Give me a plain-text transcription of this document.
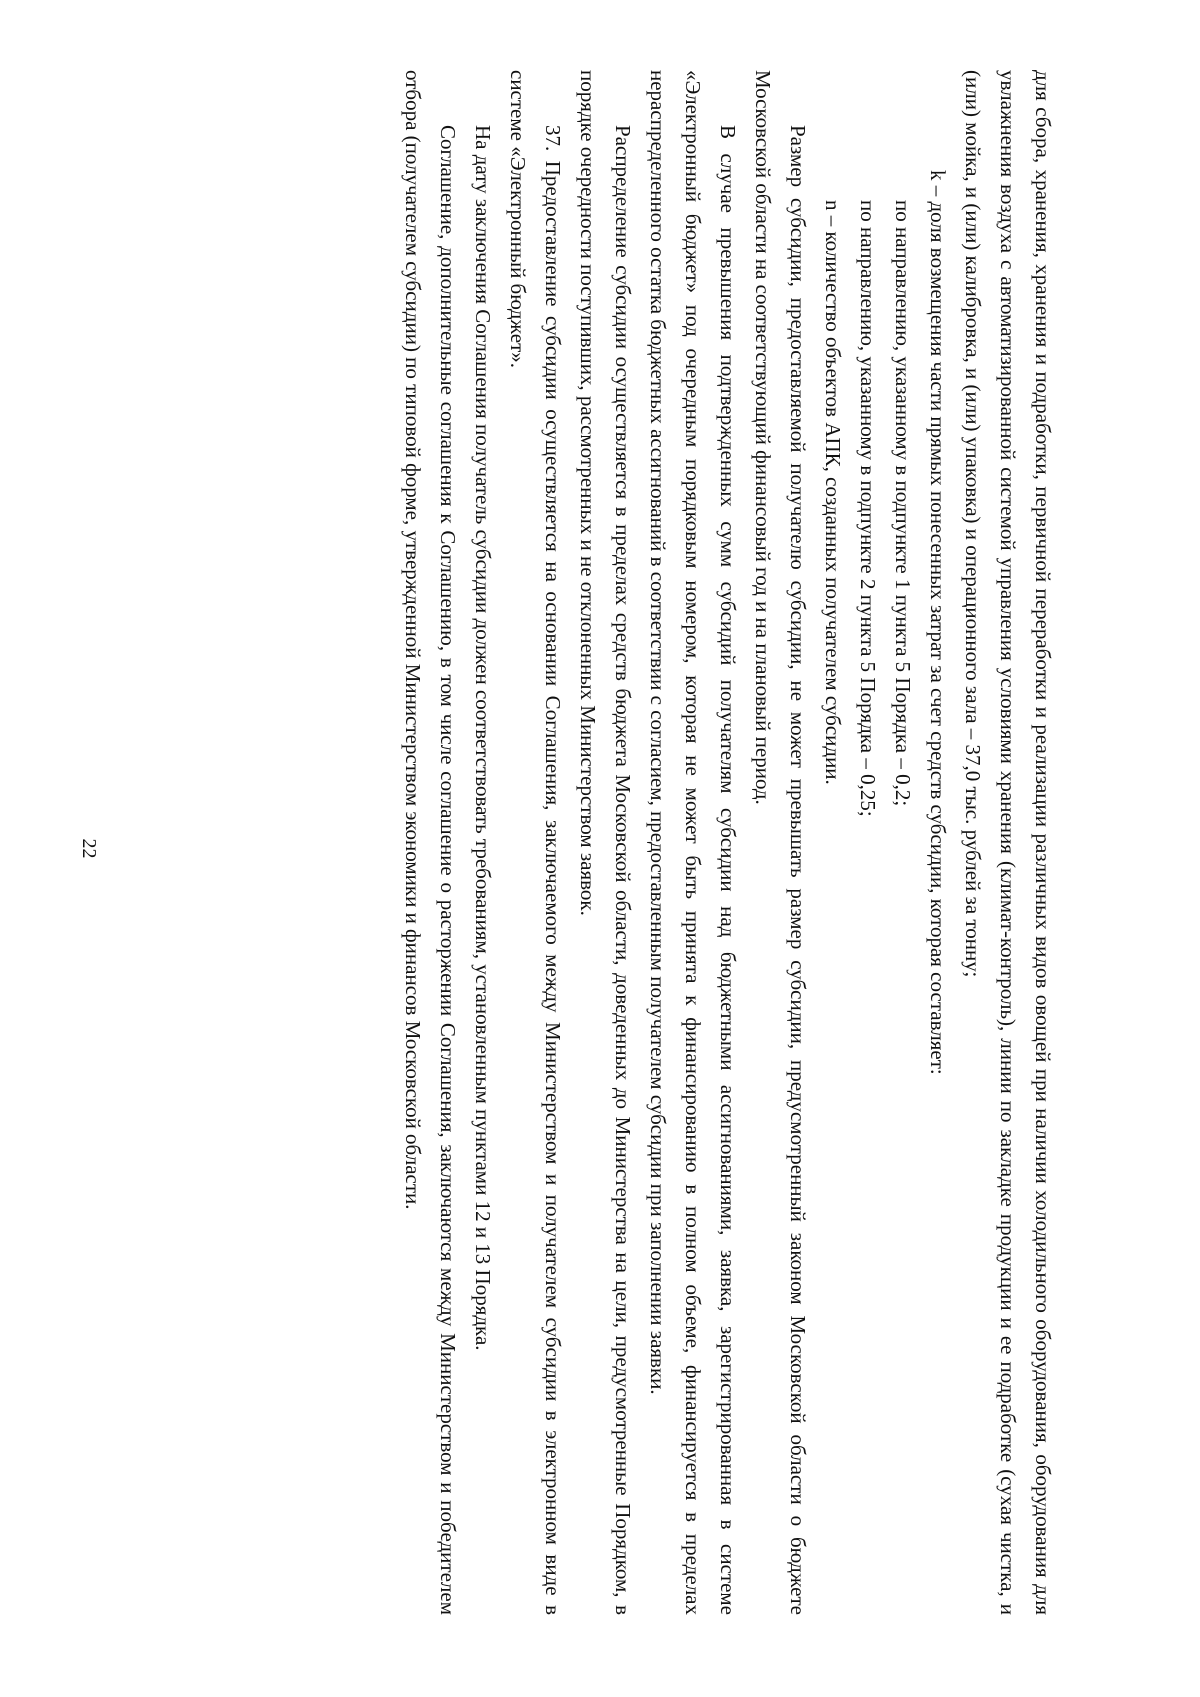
22	для сбора, хранения, хранения и подработки, первичной переработки и реализации различных видов овощей при наличии холодильного оборудования, оборудования для увлажнения воздуха с автоматизированной системой управления условиями хранения (климат-контроль), линии по закладке продукции и ее подработке (сухая чистка, и (или) мойка, и (или) калибровка, и (или) упаковка) и операционного зала – 37,0 тыс. рублей за тонну;

k – доля возмещения части прямых понесенных затрат за счет средств субсидии, которая составляет:

по направлению, указанному в подпункте 1 пункта 5 Порядка – 0,2;

по направлению, указанному в подпункте 2 пункта 5 Порядка – 0,25;

n – количество объектов АПК, созданных получателем субсидии.

Размер субсидии, предоставляемой получателю субсидии, не может превышать размер субсидии, предусмотренный законом Московской области о бюджете Московской области на соответствующий финансовый год и на плановый период.

В случае превышения подтвержденных сумм субсидий получателям субсидии над бюджетными ассигнованиями, заявка, зарегистрированная в системе «Электронный бюджет» под очередным порядковым номером, которая не может быть принята к финансированию в полном объеме, финансируется в пределах нераспределенного остатка бюджетных ассигнований в соответствии с согласием, предоставленным получателем субсидии при заполнении заявки.

Распределение субсидии осуществляется в пределах средств бюджета Московской области, доведенных до Министерства на цели, предусмотренные Порядком, в порядке очередности поступивших, рассмотренных и не отклоненных Министерством заявок.

37. Предоставление субсидии осуществляется на основании Соглашения, заключаемого между Министерством и получателем субсидии в электронном виде в системе «Электронный бюджет».

На дату заключения Соглашения получатель субсидии должен соответствовать требованиям, установленным пунктами 12 и 13 Порядка.

Соглашение, дополнительные соглашения к Соглашению, в том числе соглашение о расторжении Соглашения, заключаются между Министерством и победителем отбора (получателем субсидии) по типовой форме, утвержденной Министерством экономики и финансов Московской области.
